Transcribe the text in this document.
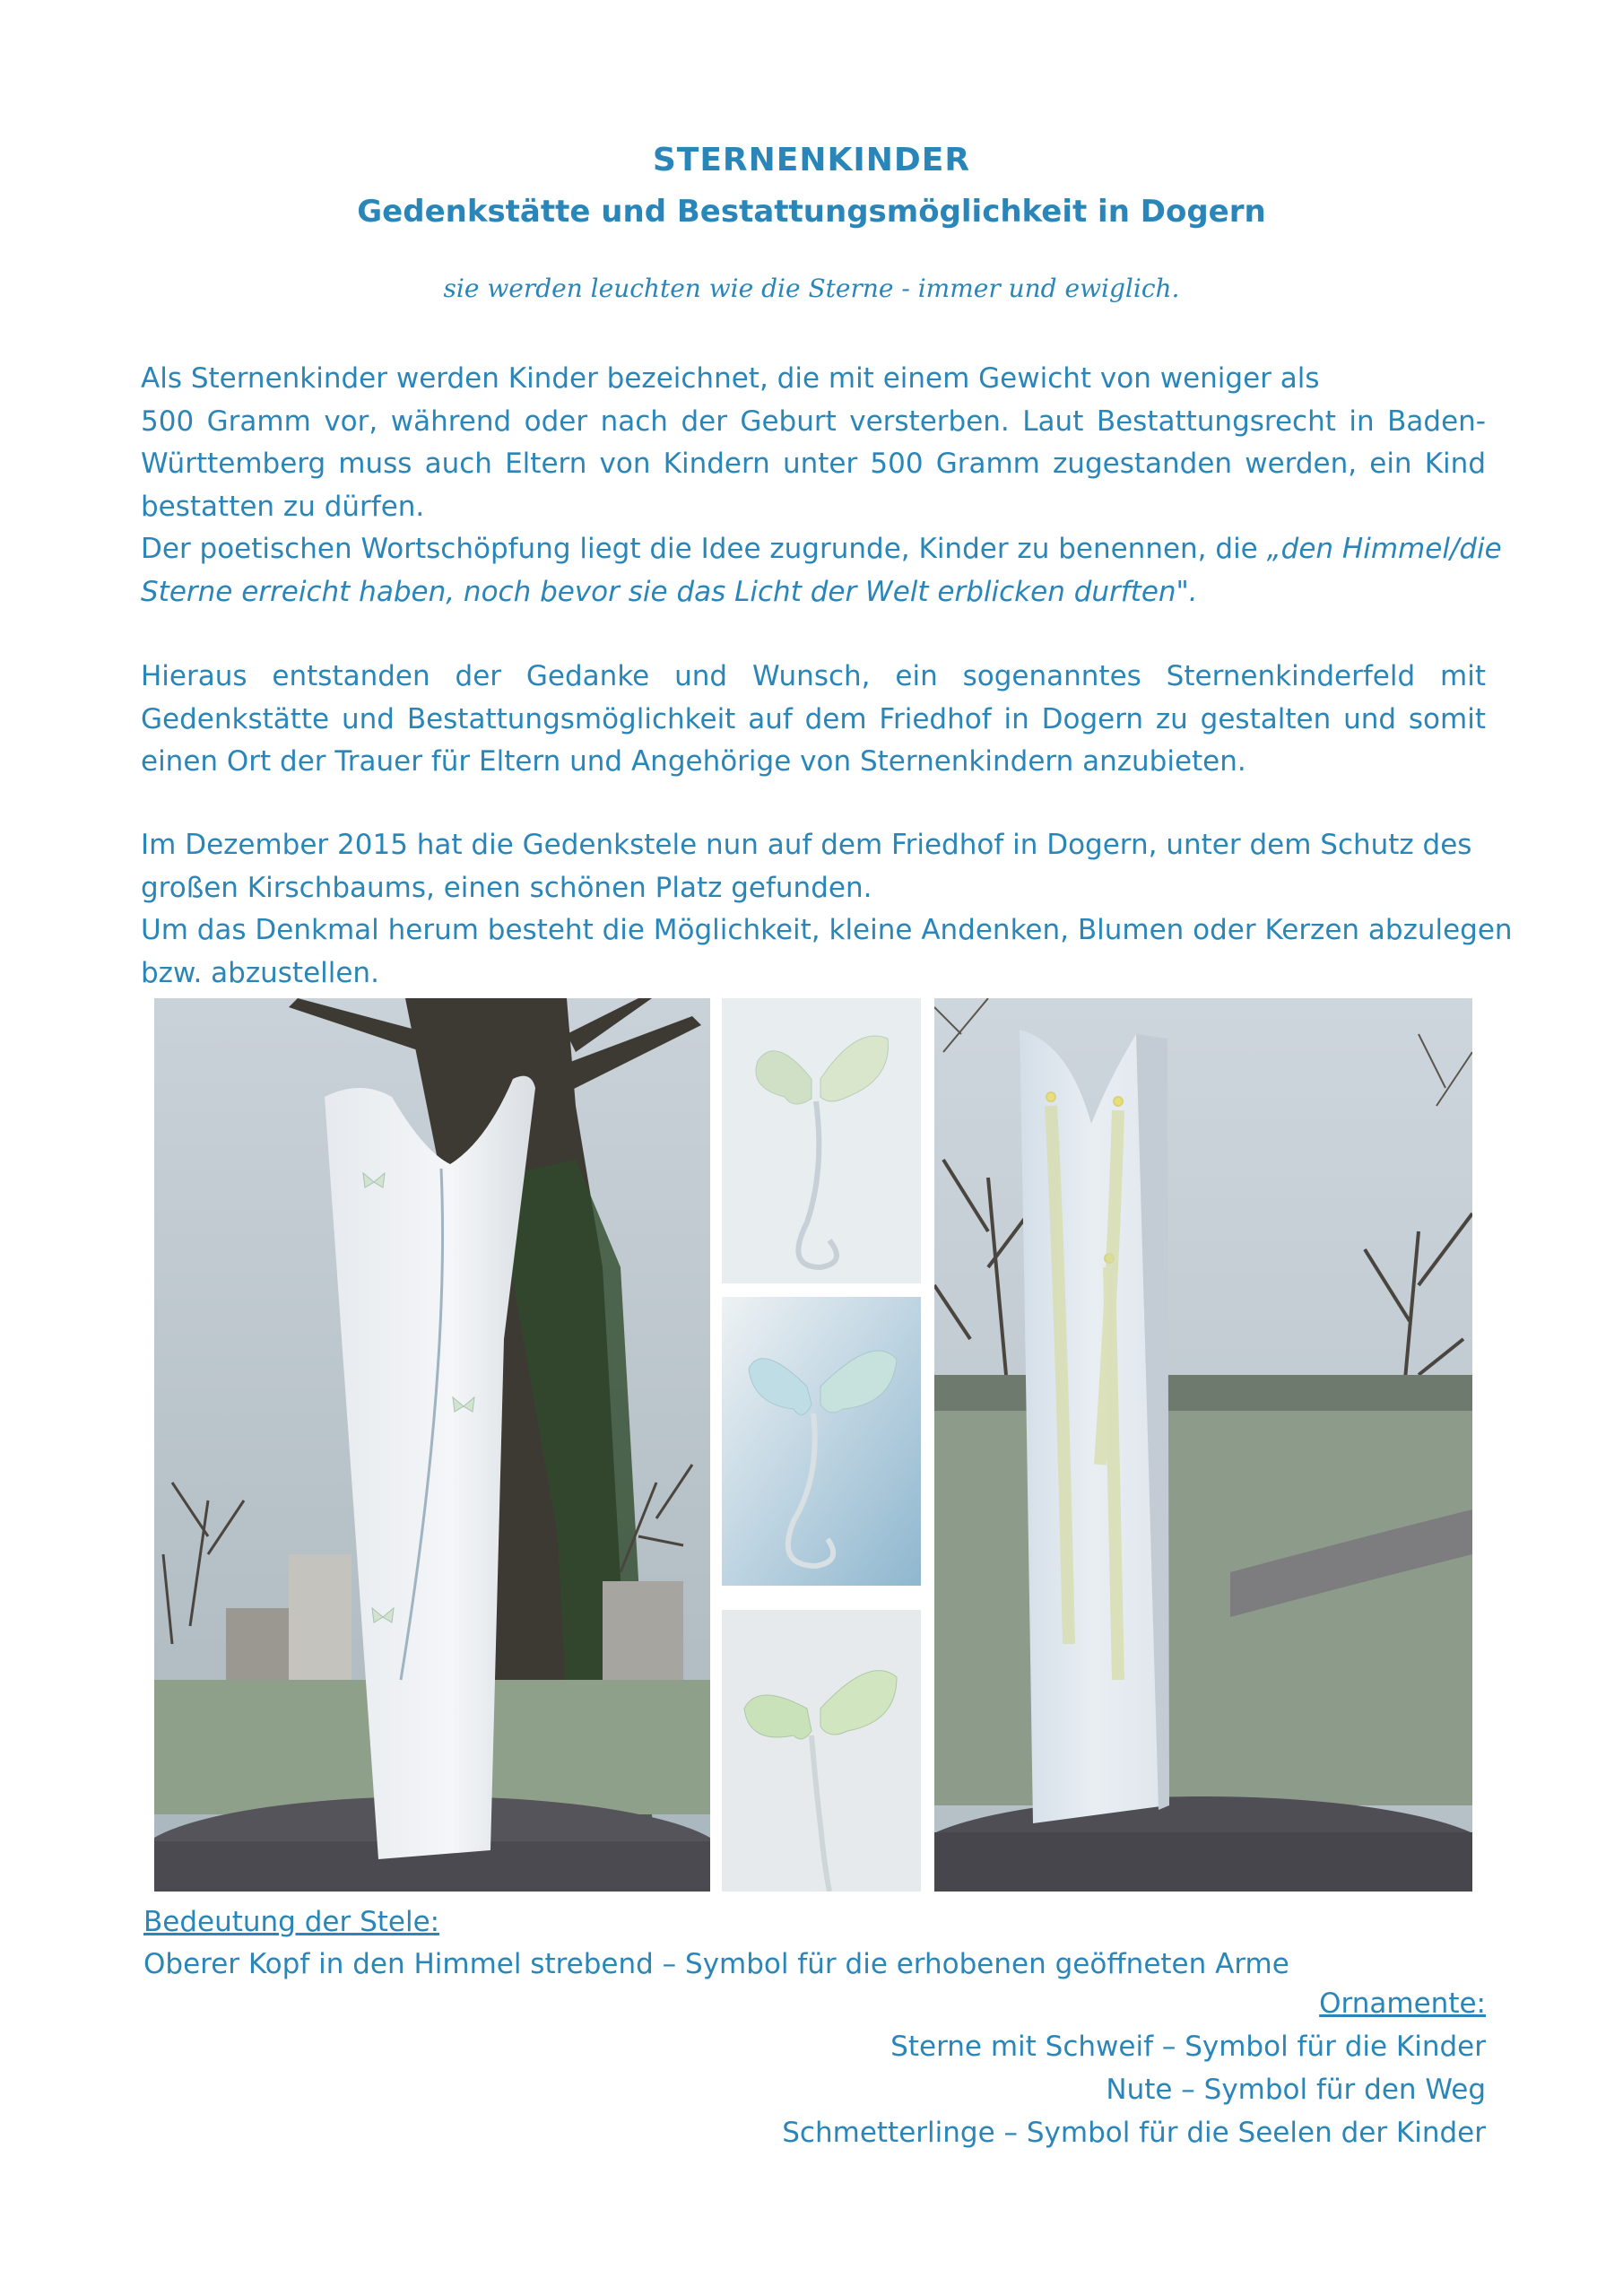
STERNENKINDER
Gedenkstätte und Bestattungsmöglichkeit in Dogern
sie werden leuchten wie die Sterne - immer und ewiglich.
Als Sternenkinder werden Kinder bezeichnet, die mit einem Gewicht von weniger als
500 Gramm vor, während oder nach der Geburt versterben. Laut Bestattungsrecht in Baden-
Württemberg muss auch Eltern von Kindern unter 500 Gramm zugestanden werden, ein Kind
bestatten zu dürfen.
Der poetischen Wortschöpfung liegt die Idee zugrunde, Kinder zu benennen, die „den Himmel/die
Sterne erreicht haben, noch bevor sie das Licht der Welt erblicken durften".
Hieraus entstanden der Gedanke und Wunsch, ein sogenanntes Sternenkinderfeld mit
Gedenkstätte und Bestattungsmöglichkeit auf dem Friedhof in Dogern zu gestalten und somit
einen Ort der Trauer für Eltern und Angehörige von Sternenkindern anzubieten.
Im Dezember 2015 hat die Gedenkstele nun auf dem Friedhof in Dogern, unter dem Schutz des
großen Kirschbaums, einen schönen Platz gefunden.
Um das Denkmal herum besteht die Möglichkeit, kleine Andenken, Blumen oder Kerzen abzulegen
bzw. abzustellen.
Bedeutung der Stele:
Oberer Kopf in den Himmel strebend – Symbol für die erhobenen geöffneten Arme
Ornamente:
Sterne mit Schweif – Symbol für die Kinder
Nute – Symbol für den Weg
Schmetterlinge – Symbol für die Seelen der Kinder
